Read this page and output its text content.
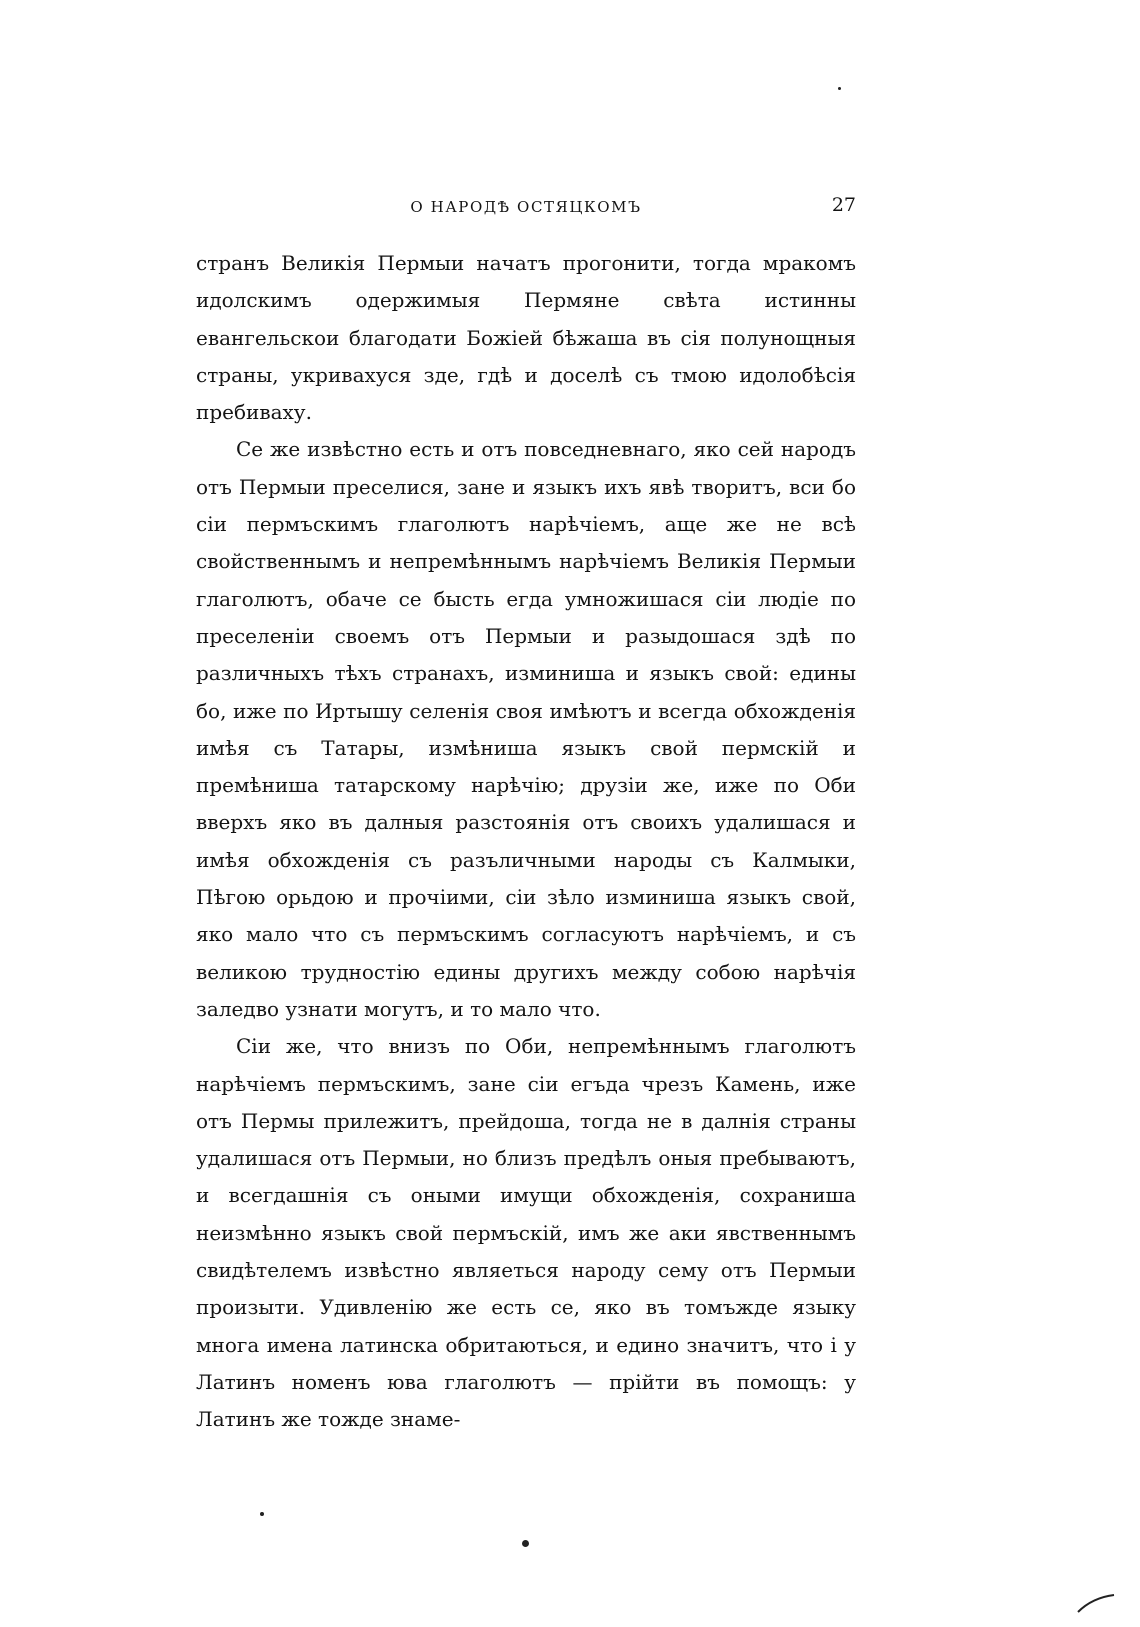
О НАРОДѢ ОСТЯЦКОМЪ	27

странъ Великія Пермыи начатъ прогонити, тогда мракомъ идолскимъ одержимыя Пермяне свѣта истинны евангельскои благодати Божіей бѣжаша въ сія полунощныя страны, укривахуся зде, гдѣ и доселѣ съ тмою идолобѣсія пребиваху.

Се же извѣстно есть и отъ повседневнаго, яко сей народъ отъ Пермыи преселися, зане и языкъ ихъ явѣ творитъ, вси бо сіи пермъскимъ глаголютъ нарѣчіемъ, аще же не всѣ свойственнымъ и непремѣннымъ нарѣчіемъ Великія Пермыи глаголютъ, обаче се бысть егда умножишася сіи людіе по преселеніи своемъ отъ Пермыи и разыдошася здѣ по различныхъ тѣхъ странахъ, изминиша и языкъ свой: едины бо, иже по Иртышу селенія своя имѣютъ и всегда обхожденія имѣя съ Татары, измѣниша языкъ свой пермскій и премѣниша татарскому нарѣчію; друзіи же, иже по Оби вверхъ яко въ далныя разстоянія отъ своихъ удалишася и имѣя обхожденія съ разъличными народы съ Калмыки, Пѣгою орьдою и прочіими, сіи зѣло изминиша языкъ свой, яко мало что съ пермъскимъ согласуютъ нарѣчіемъ, и съ великою трудностію едины другихъ между собою нарѣчія заледво узнати могутъ, и то мало что.

Сіи же, что внизъ по Оби, непремѣннымъ глаголютъ нарѣчіемъ пермъскимъ, зане сіи егъда чрезъ Камень, иже отъ Пермы прилежитъ, прейдоша, тогда не в далнія страны удалишася отъ Пермыи, но близъ предѣлъ оныя пребываютъ, и всегдашнія съ оными имущи обхожденія, сохраниша неизмѣнно языкъ свой пермъскій, имъ же аки явственнымъ свидѣтелемъ извѣстно являеться народу сему отъ Пермыи произыти. Удивленію же есть се, яко въ томъжде языку многа имена латинска обритаються, и едино значитъ, что і у Латинъ номенъ юва глаголютъ — прійти въ помощъ: у Латинъ же тожде знаме-
